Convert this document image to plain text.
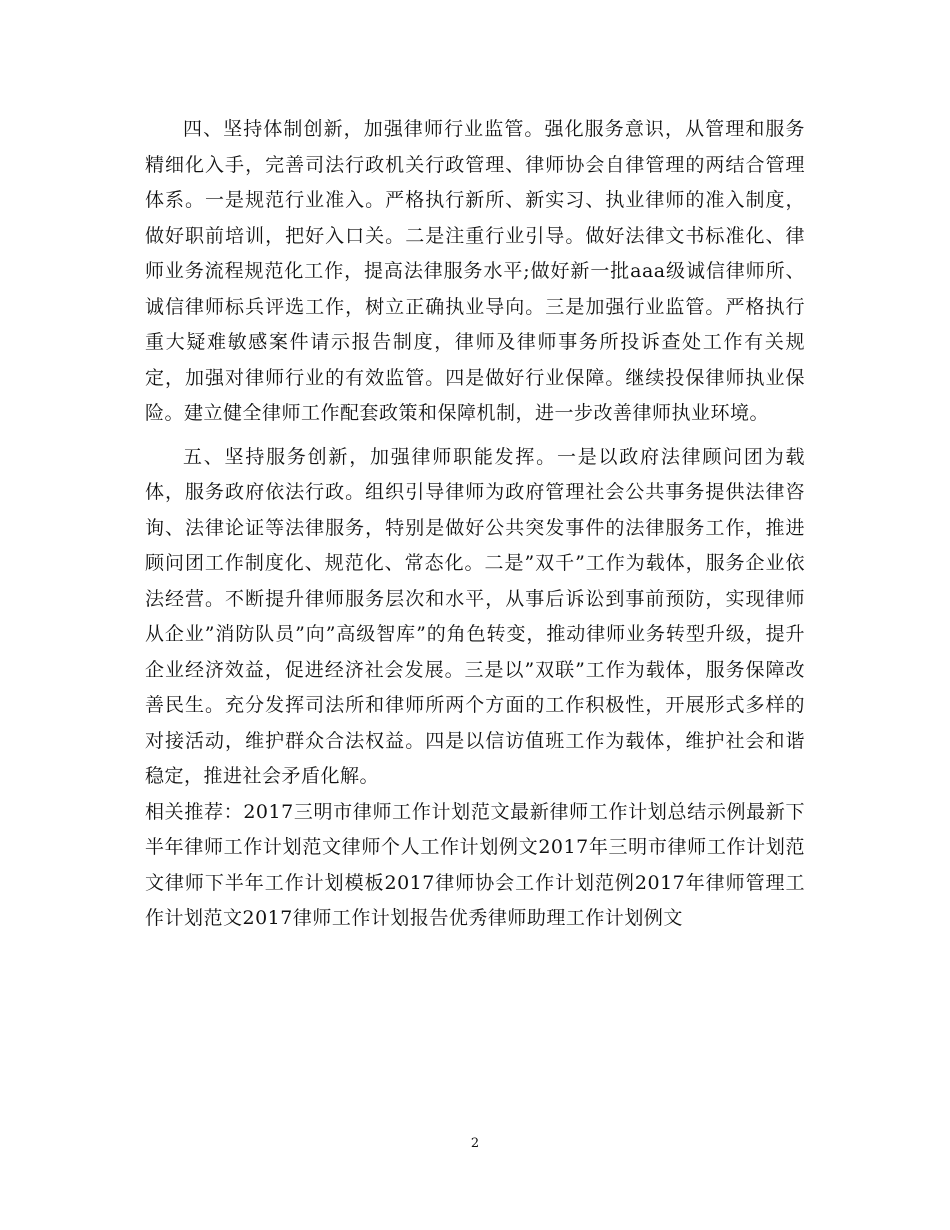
四、坚持体制创新，加强律师行业监管。强化服务意识，从管理和服务精细化入手，完善司法行政机关行政管理、律师协会自律管理的两结合管理体系。一是规范行业准入。严格执行新所、新实习、执业律师的准入制度，做好职前培训，把好入口关。二是注重行业引导。做好法律文书标准化、律师业务流程规范化工作，提高法律服务水平;做好新一批aaa级诚信律师所、诚信律师标兵评选工作，树立正确执业导向。三是加强行业监管。严格执行重大疑难敏感案件请示报告制度，律师及律师事务所投诉查处工作有关规定，加强对律师行业的有效监管。四是做好行业保障。继续投保律师执业保险。建立健全律师工作配套政策和保障机制，进一步改善律师执业环境。

五、坚持服务创新，加强律师职能发挥。一是以政府法律顾问团为载体，服务政府依法行政。组织引导律师为政府管理社会公共事务提供法律咨询、法律论证等法律服务，特别是做好公共突发事件的法律服务工作，推进顾问团工作制度化、规范化、常态化。二是”双千”工作为载体，服务企业依法经营。不断提升律师服务层次和水平，从事后诉讼到事前预防，实现律师从企业”消防队员”向”高级智库”的角色转变，推动律师业务转型升级，提升企业经济效益，促进经济社会发展。三是以”双联”工作为载体，服务保障改善民生。充分发挥司法所和律师所两个方面的工作积极性，开展形式多样的对接活动，维护群众合法权益。四是以信访值班工作为载体，维护社会和谐稳定，推进社会矛盾化解。

相关推荐：2017三明市律师工作计划范文最新律师工作计划总结示例最新下半年律师工作计划范文律师个人工作计划例文2017年三明市律师工作计划范文律师下半年工作计划模板2017律师协会工作计划范例2017年律师管理工作计划范文2017律师工作计划报告优秀律师助理工作计划例文

2
